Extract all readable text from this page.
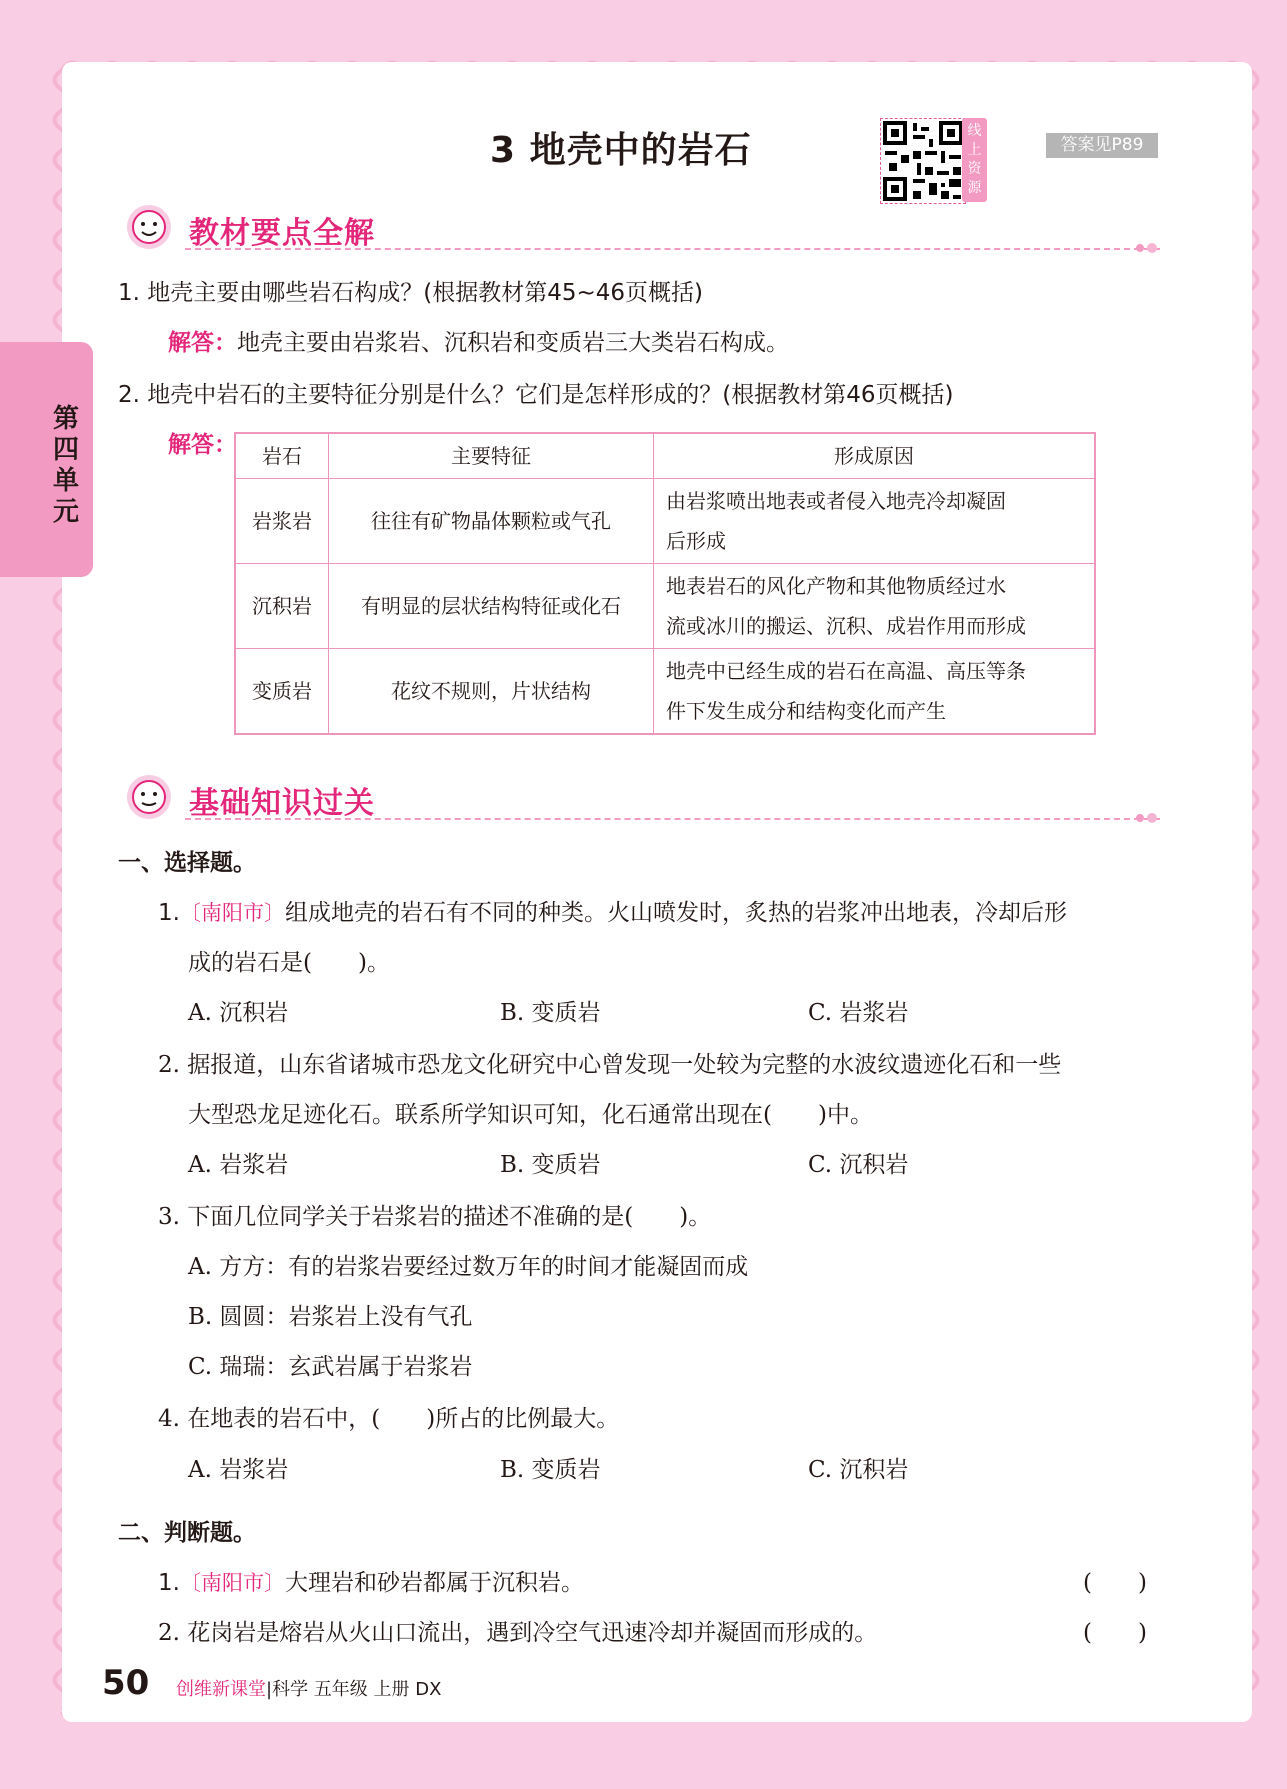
第四单元
3 地壳中的岩石	线上资源
答案见P89
教材要点全解
1. 地壳主要由哪些岩石构成？(根据教材第45~46页概括)
解答：地壳主要由岩浆岩、沉积岩和变质岩三大类岩石构成。
2. 地壳中岩石的主要特征分别是什么？它们是怎样形成的？(根据教材第46页概括)
解答： 岩石	主要特征	形成原因
岩浆岩	往往有矿物晶体颗粒或气孔	由岩浆喷出地表或者侵入地壳冷却凝固
后形成
沉积岩	有明显的层状结构特征或化石	地表岩石的风化产物和其他物质经过水
流或冰川的搬运、沉积、成岩作用而形成
变质岩	花纹不规则，片状结构	地壳中已经生成的岩石在高温、高压等条
件下发生成分和结构变化而产生
基础知识过关
一、选择题。
1.〔南阳市〕组成地壳的岩石有不同的种类。火山喷发时，炙热的岩浆冲出地表，冷却后形
成的岩石是(　　)。
A. 沉积岩	B. 变质岩	C. 岩浆岩
2. 据报道，山东省诸城市恐龙文化研究中心曾发现一处较为完整的水波纹遗迹化石和一些
大型恐龙足迹化石。联系所学知识可知，化石通常出现在(　　)中。
A. 岩浆岩	B. 变质岩	C. 沉积岩
3. 下面几位同学关于岩浆岩的描述不准确的是(　　)。
A. 方方：有的岩浆岩要经过数万年的时间才能凝固而成
B. 圆圆：岩浆岩上没有气孔
C. 瑞瑞：玄武岩属于岩浆岩
4. 在地表的岩石中，(　　)所占的比例最大。
A. 岩浆岩	B. 变质岩	C. 沉积岩
二、判断题。
1.〔南阳市〕大理岩和砂岩都属于沉积岩。	(　　)
2. 花岗岩是熔岩从火山口流出，遇到冷空气迅速冷却并凝固而形成的。	(　　)
50 创维新课堂|科学 五年级 上册 DX
